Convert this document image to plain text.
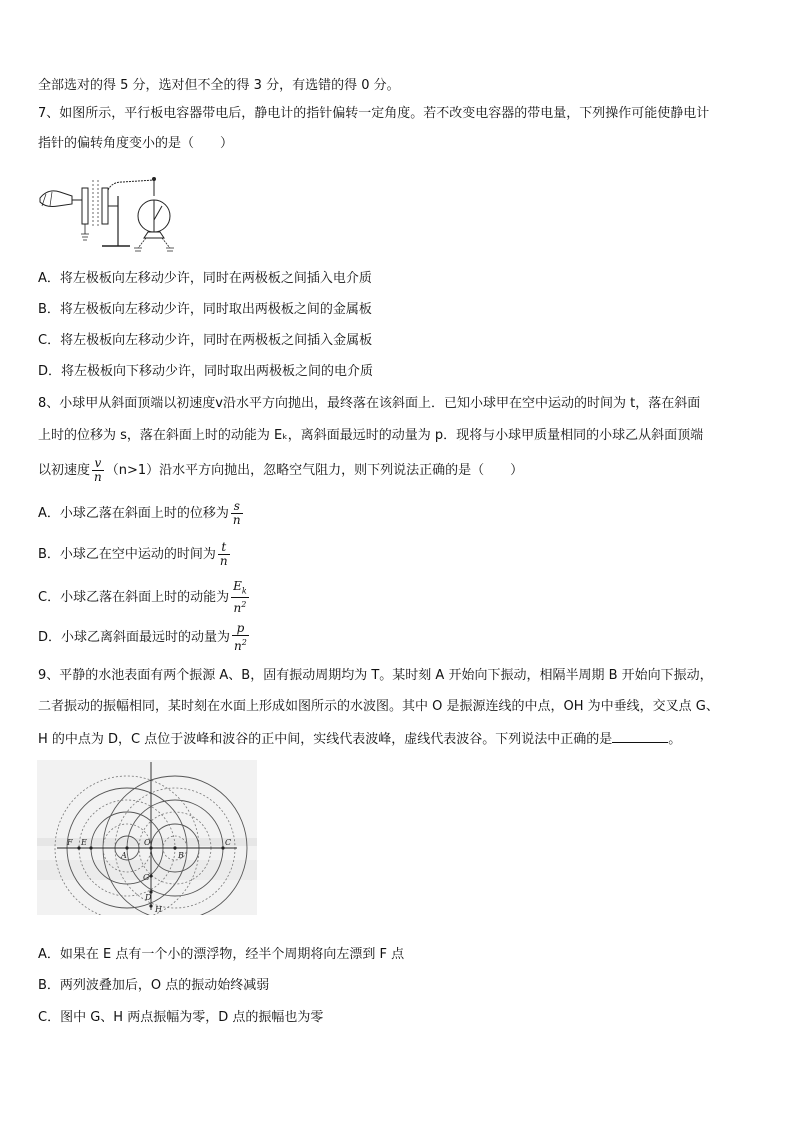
全部选对的得 5 分，选对但不全的得 3 分，有选错的得 0 分。
7、如图所示，平行板电容器带电后，静电计的指针偏转一定角度。若不改变电容器的带电量，下列操作可能使静电计
指针的偏转角度变小的是（　　）
A．将左极板向左移动少许，同时在两极板之间插入电介质
B．将左极板向左移动少许，同时取出两极板之间的金属板
C．将左极板向左移动少许，同时在两极板之间插入金属板
D．将左极板向下移动少许，同时取出两极板之间的电介质
8、小球甲从斜面顶端以初速度v沿水平方向抛出，最终落在该斜面上．已知小球甲在空中运动的时间为 t，落在斜面
上时的位移为 s，落在斜面上时的动能为 Eₖ，离斜面最远时的动量为 p．现将与小球甲质量相同的小球乙从斜面顶端
以初速度 $\frac{v}{n} (n>1)$沿水平方向抛出，忽略空气阻力，则下列说法正确的是（　　）
A．小球乙落在斜面上时的位移为 $\frac{s}{n}$
B．小球乙在空中运动的时间为 $\frac{t}{n}$
C．小球乙落在斜面上时的动能为 $\frac{E_k}{n^2}$
D．小球乙离斜面最远时的动量为 $\frac{p}{n^2}$
9、平静的水池表面有两个振源 A、B，固有振动周期均为 T。某时刻 A 开始向下振动，相隔半周期 B 开始向下振动，
二者振动的振幅相同，某时刻在水面上形成如图所示的水波图。其中 O 是振源连线的中点，OH 为中垂线，交叉点 G、
H 的中点为 D，C 点位于波峰和波谷的正中间，实线代表波峰，虚线代表波谷。下列说法中正确的是	。
F E
A
O
B
C
G
D
H
A．如果在 E 点有一个小的漂浮物，经半个周期将向左漂到 F 点
B．两列波叠加后，O 点的振动始终减弱
C．图中 G、H 两点振幅为零，D 点的振幅也为零
